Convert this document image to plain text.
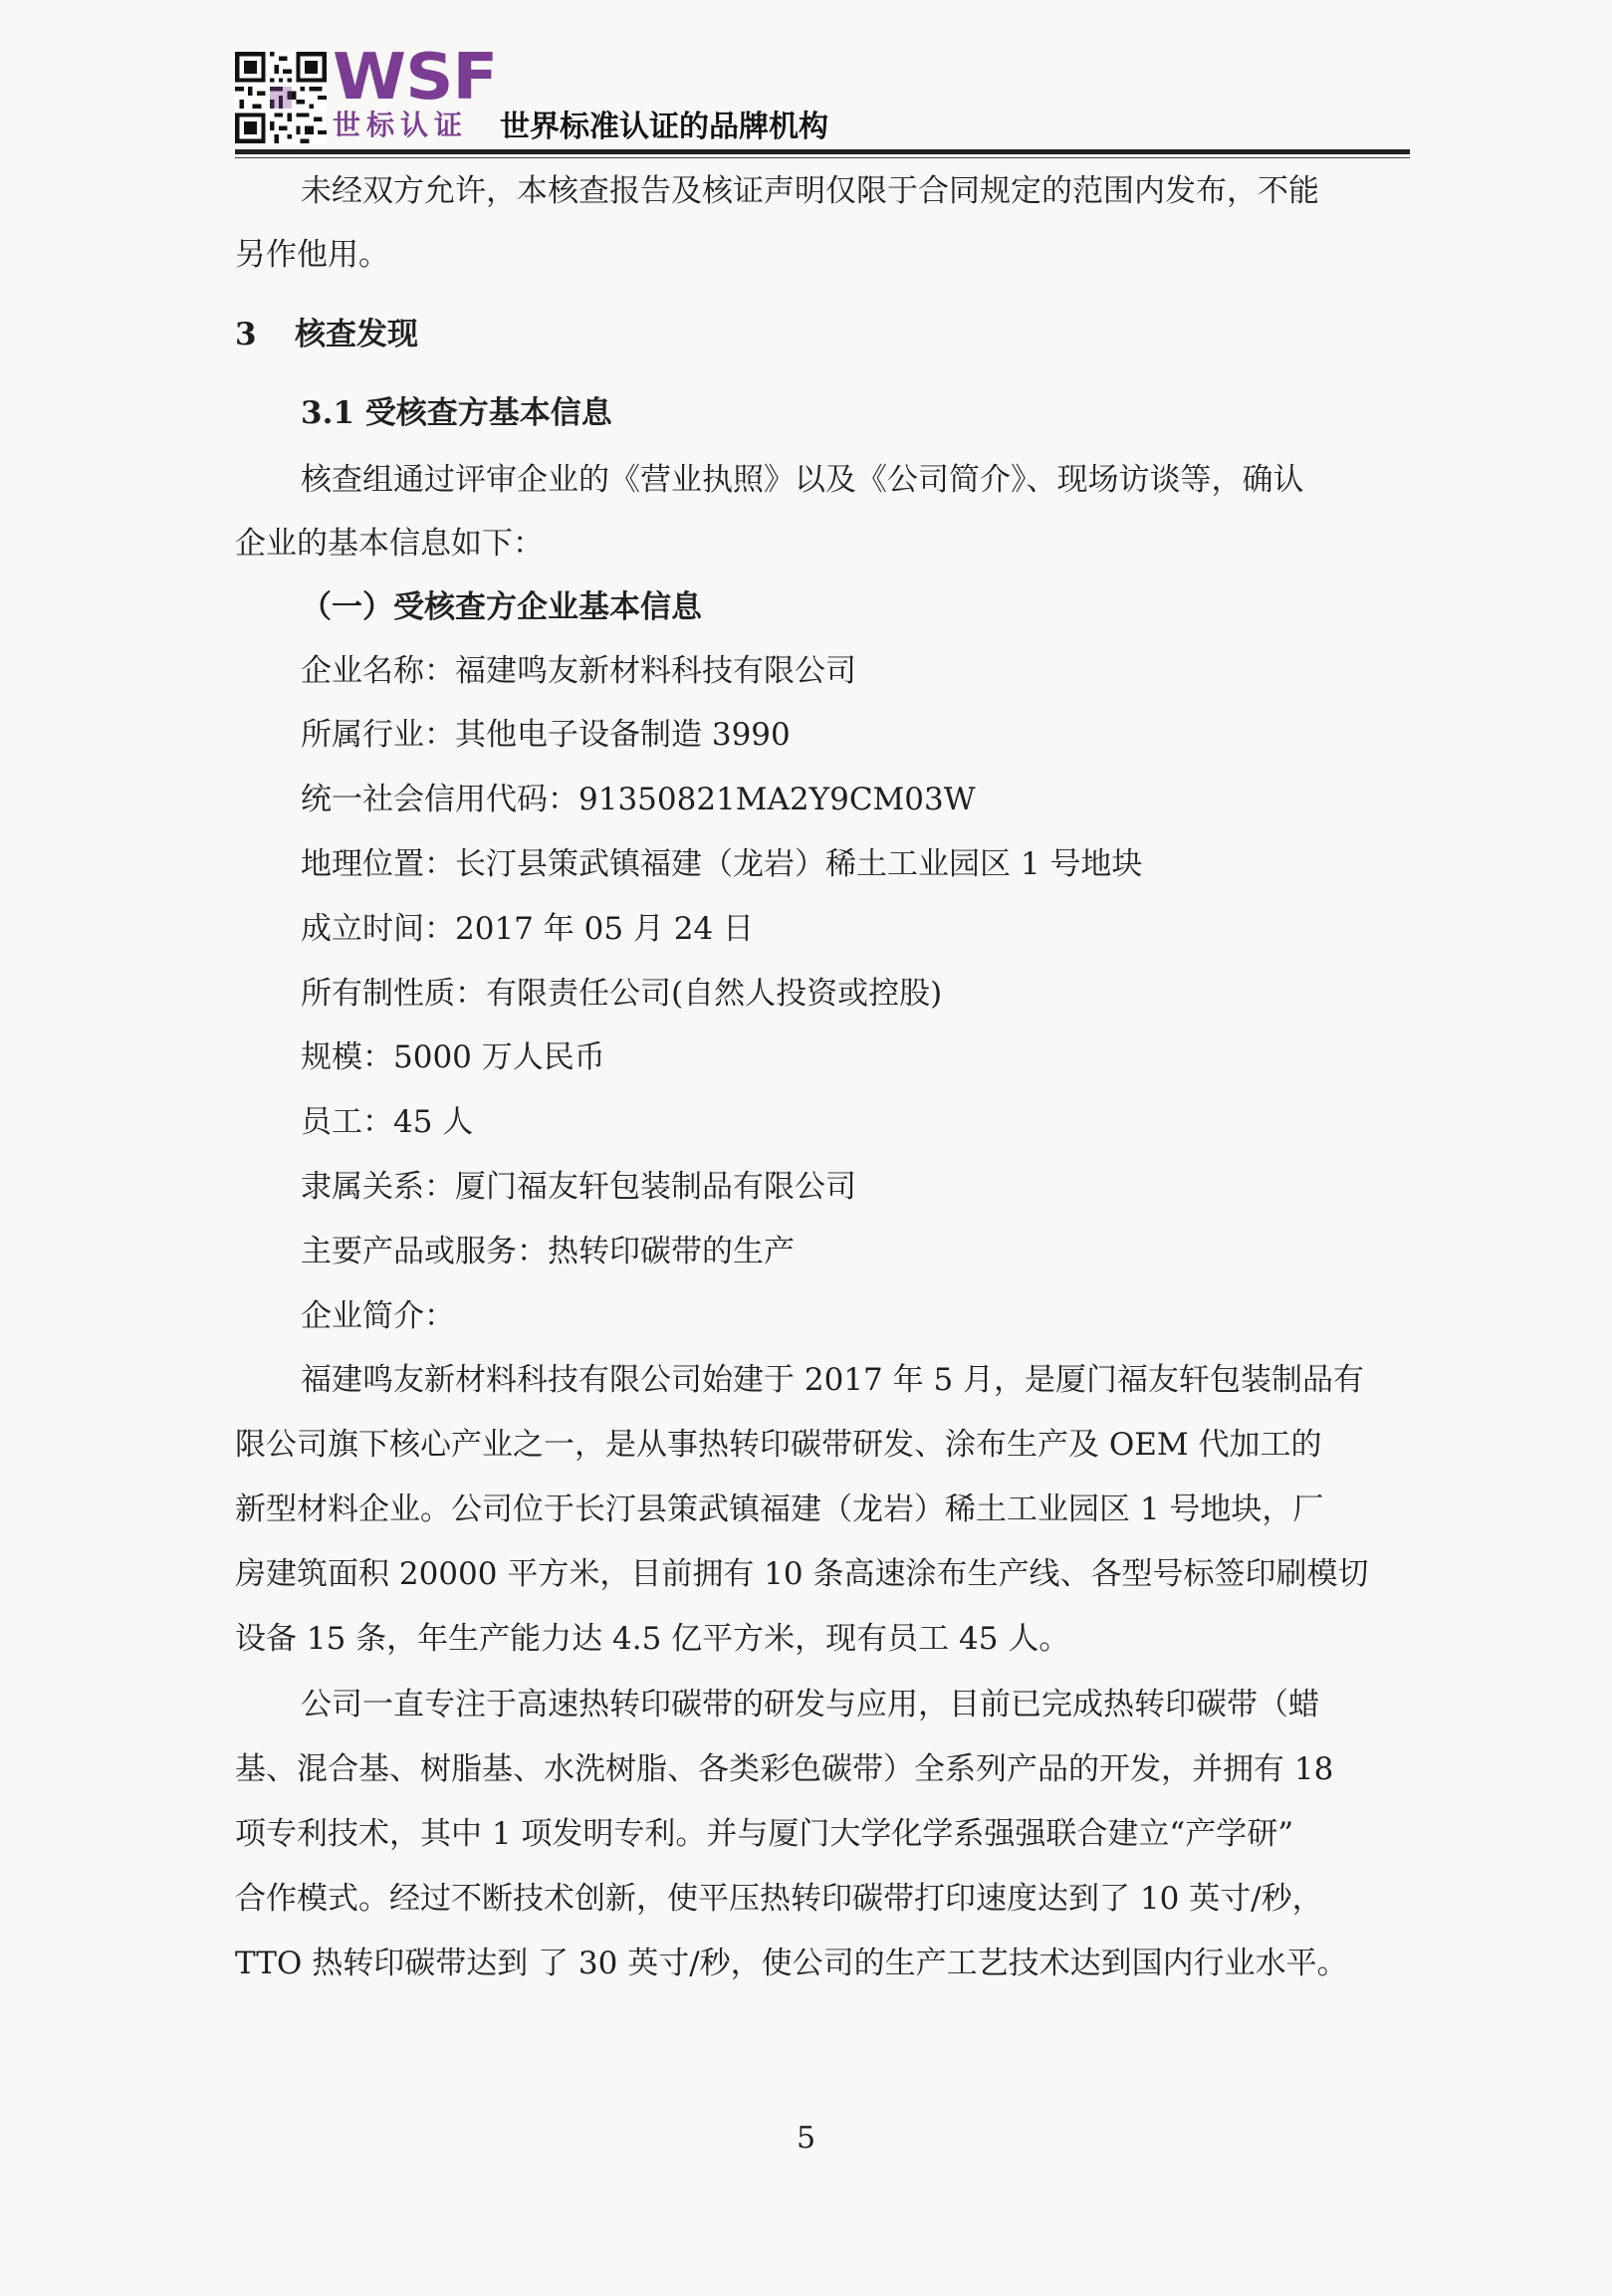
WSF
世标认证 世界标准认证的品牌机构
未经双方允许，本核查报告及核证声明仅限于合同规定的范围内发布，不能
另作他用。
3 核查发现
3.1 受核查方基本信息
核查组通过评审企业的《营业执照》以及《公司简介》、现场访谈等，确认
企业的基本信息如下：
（一）受核查方企业基本信息
企业名称：福建鸣友新材料科技有限公司
所属行业：其他电子设备制造 3990
统一社会信用代码：91350821MA2Y9CM03W
地理位置：长汀县策武镇福建（龙岩）稀土工业园区 1 号地块
成立时间：2017 年 05 月 24 日
所有制性质：有限责任公司(自然人投资或控股)
规模：5000 万人民币
员工：45 人
隶属关系：厦门福友轩包装制品有限公司
主要产品或服务：热转印碳带的生产
企业简介：
福建鸣友新材料科技有限公司始建于 2017 年 5 月，是厦门福友轩包装制品有
限公司旗下核心产业之一，是从事热转印碳带研发、涂布生产及 OEM 代加工的
新型材料企业。公司位于长汀县策武镇福建（龙岩）稀土工业园区 1 号地块，厂
房建筑面积 20000 平方米，目前拥有 10 条高速涂布生产线、各型号标签印刷模切
设备 15 条，年生产能力达 4.5 亿平方米，现有员工 45 人。
公司一直专注于高速热转印碳带的研发与应用，目前已完成热转印碳带（蜡
基、混合基、树脂基、水洗树脂、各类彩色碳带）全系列产品的开发，并拥有 18
项专利技术，其中 1 项发明专利。并与厦门大学化学系强强联合建立“产学研”
合作模式。经过不断技术创新，使平压热转印碳带打印速度达到了 10 英寸/秒，
TTO 热转印碳带达到 了 30 英寸/秒，使公司的生产工艺技术达到国内行业水平。
5
